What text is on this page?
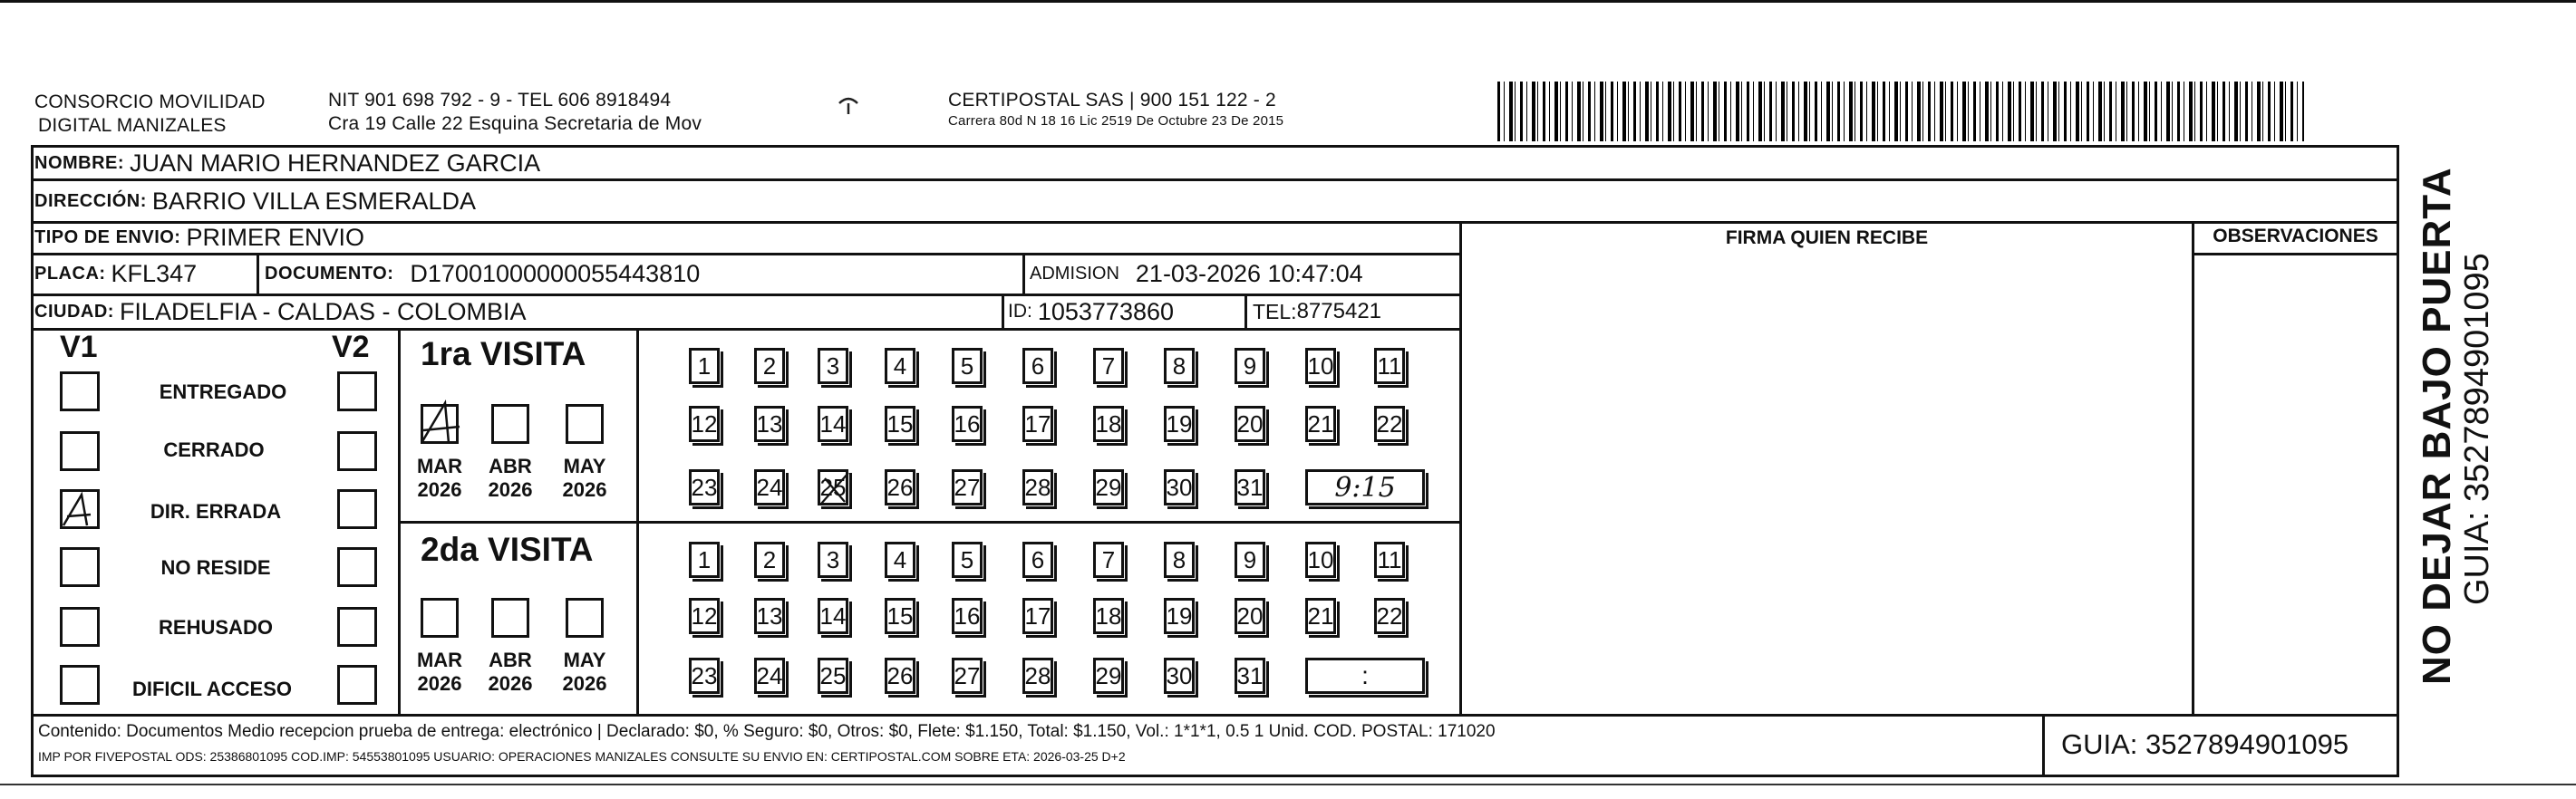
CONSORCIO MOVILIDAD
DIGITAL MANIZALES
NIT 901 698 792 - 9 - TEL 606 8918494
Cra 19 Calle 22 Esquina Secretaria de Mov
CERTIPOSTAL SAS | 900 151 122 - 2
Carrera 80d N 18 16 Lic 2519 De Octubre 23 De 2015
NOMBRE: JUAN MARIO HERNANDEZ GARCIA
DIRECCIÓN: BARRIO VILLA ESMERALDA
TIPO DE ENVIO: PRIMER ENVIO
PLACA: KFL347	DOCUMENTO: D17001000000055443810	ADMISION 21-03-2026 10:47:04
CIUDAD: FILADELFIA - CALDAS - COLOMBIA	ID: 1053773860	TEL: 8775421
FIRMA QUIEN RECIBE	OBSERVACIONES
V1	V2
ENTREGADO
CERRADO
DIR. ERRADA
NO RESIDE
REHUSADO
DIFICIL ACCESO
1ra VISITA
MAR
2026
ABR
2026
MAY
2026
2da VISITA
MAR
2026
ABR
2026
MAY
2026
1 2 3 4 5 6 7 8 9 10 11
12 13 14 15 16 17 18 19 20 21 22
23 24 25 26 27 28 29 30 31	9:15
1 2 3 4 5 6 7 8 9 10 11
12 13 14 15 16 17 18 19 20 21 22
23 24 25 26 27 28 29 30 31	:	NO DEJAR BAJO PUERTA GUIA: 3527894901095
Contenido: Documentos Medio recepcion prueba de entrega: electrónico | Declarado: $0, % Seguro: $0, Otros: $0, Flete: $1.150, Total: $1.150, Vol.: 1*1*1, 0.5 1 Unid. COD. POSTAL: 171020
IMP POR FIVEPOSTAL ODS: 25386801095 COD.IMP: 54553801095 USUARIO: OPERACIONES MANIZALES CONSULTE SU ENVIO EN: CERTIPOSTAL.COM SOBRE ETA: 2026-03-25 D+2	GUIA: 3527894901095
